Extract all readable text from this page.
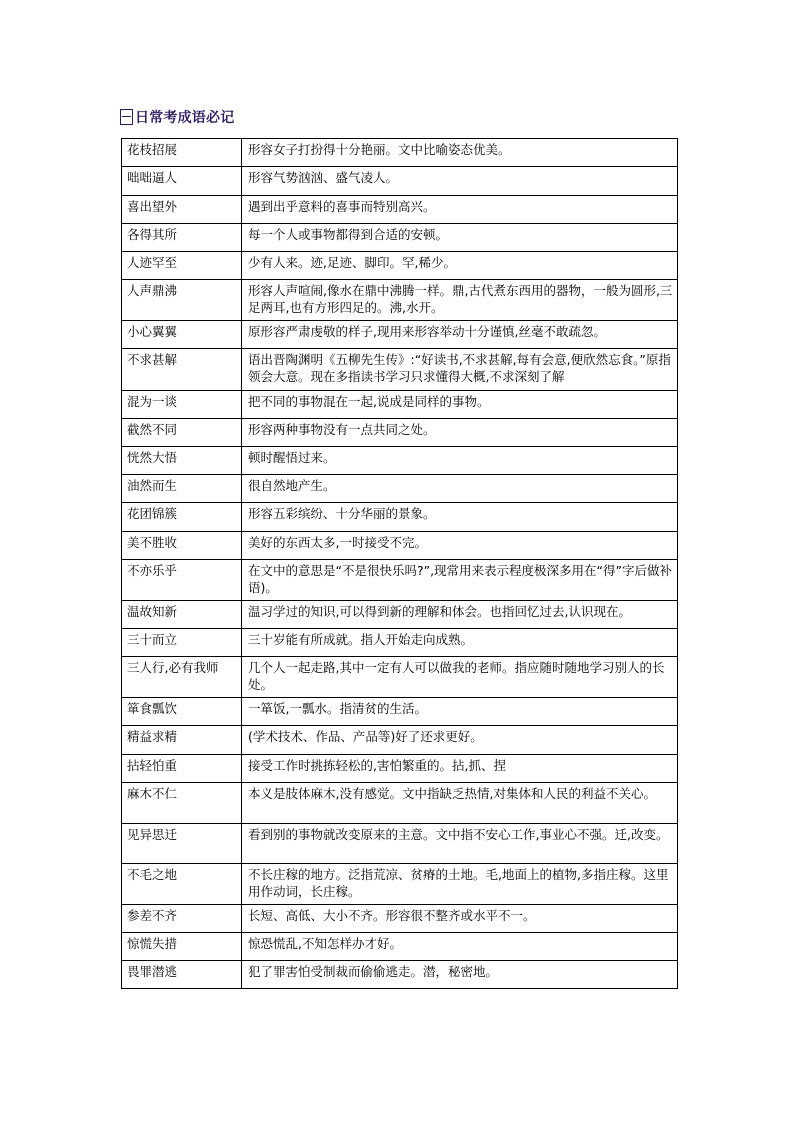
日常考成语必记
花枝招展	形容女子打扮得十分艳丽。文中比喻姿态优美。
咄咄逼人	形容气势汹汹、盛气凌人。
喜出望外	遇到出乎意料的喜事而特别高兴。
各得其所	每一个人或事物都得到合适的安顿。
人迹罕至	少有人来。迹,足迹、脚印。罕,稀少。
人声鼎沸	形容人声喧闹,像水在鼎中沸腾一样。鼎,古代煮东西用的器物，一般为圆形,三足两耳,也有方形四足的。沸,水开。
小心翼翼	原形容严肃虔敬的样子,现用来形容举动十分谨慎,丝毫不敢疏忽。
不求甚解	语出晋陶渊明《五柳先生传》:“好读书,不求甚解,每有会意,便欣然忘食。”原指领会大意。现在多指读书学习只求懂得大概,不求深刻了解
混为一谈	把不同的事物混在一起,说成是同样的事物。
截然不同	形容两种事物没有一点共同之处。
恍然大悟	顿时醒悟过来。
油然而生	很自然地产生。
花团锦簇	形容五彩缤纷、十分华丽的景象。
美不胜收	美好的东西太多,一时接受不完。
不亦乐乎	在文中的意思是“不是很快乐吗?”,现常用来表示程度极深多用在“得”字后做补语)。
温故知新	温习学过的知识,可以得到新的理解和体会。也指回忆过去,认识现在。
三十而立	三十岁能有所成就。指人开始走向成熟。
三人行,必有我师	几个人一起走路,其中一定有人可以做我的老师。指应随时随地学习别人的长处。
箪食瓢饮	一箪饭,一瓢水。指清贫的生活。
精益求精	(学术技术、作品、产品等)好了还求更好。
拈轻怕重	接受工作时挑拣轻松的,害怕繁重的。拈,抓、捏
麻木不仁	本义是肢体麻木,没有感觉。文中指缺乏热情,对集体和人民的利益不关心。
见异思迁	看到别的事物就改变原来的主意。文中指不安心工作,事业心不强。迁,改变。
不毛之地	不长庄稼的地方。泛指荒凉、贫瘠的土地。毛,地面上的植物,多指庄稼。这里用作动词，长庄稼。
参差不齐	长短、高低、大小不齐。形容很不整齐或水平不一。
惊慌失措	惊恐慌乱,不知怎样办才好。
畏罪潜逃	犯了罪害怕受制裁而偷偷逃走。潜，秘密地。
